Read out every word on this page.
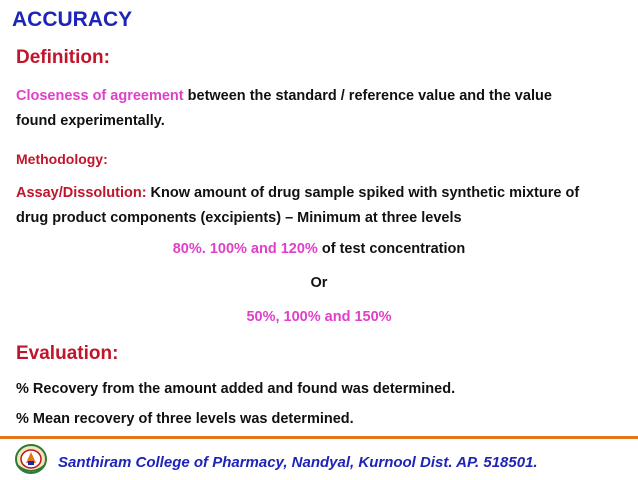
ACCURACY
Definition:
Closeness of agreement between the standard / reference value and the value
found experimentally.
Methodology:
Assay/Dissolution: Know amount of drug sample spiked with synthetic mixture of
drug product components (excipients) – Minimum at three levels
80%. 100% and 120% of test concentration
Or
50%, 100% and 150%
Evaluation:
% Recovery from the amount added and found was determined.
% Mean recovery of three levels was determined.
Santhiram College of Pharmacy, Nandyal, Kurnool Dist. AP. 518501.
